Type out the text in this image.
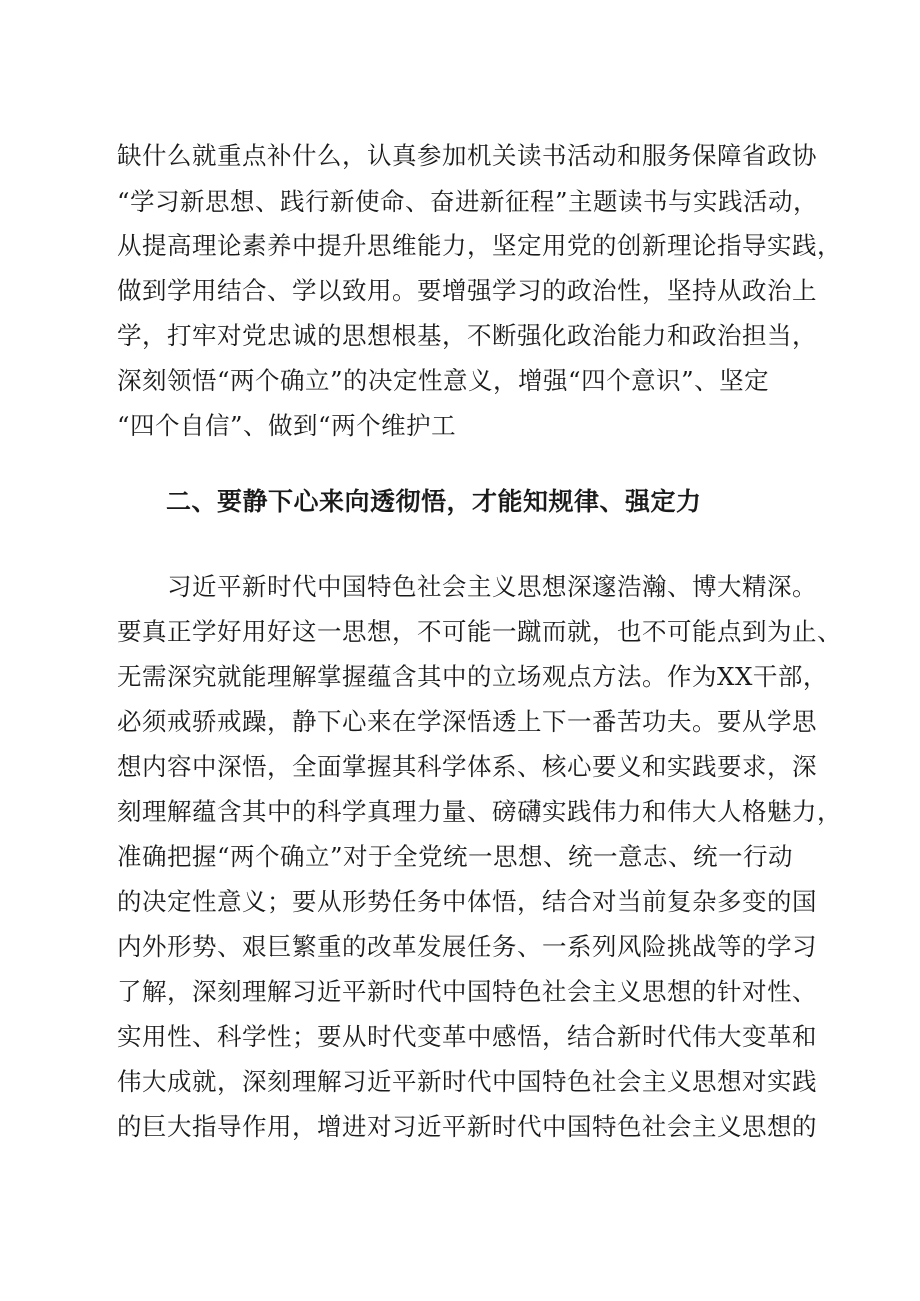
缺什么就重点补什么，认真参加机关读书活动和服务保障省政协
“学习新思想、践行新使命、奋进新征程”主题读书与实践活动，
从提高理论素养中提升思维能力，坚定用党的创新理论指导实践，
做到学用结合、学以致用。要增强学习的政治性，坚持从政治上
学，打牢对党忠诚的思想根基，不断强化政治能力和政治担当，
深刻领悟“两个确立”的决定性意义，增强“四个意识”、坚定
“四个自信”、做到“两个维护工
二、要静下心来向透彻悟，才能知规律、强定力
　　习近平新时代中国特色社会主义思想深邃浩瀚、博大精深。
要真正学好用好这一思想，不可能一蹴而就，也不可能点到为止、
无需深究就能理解掌握蕴含其中的立场观点方法。作为XX干部，
必须戒骄戒躁，静下心来在学深悟透上下一番苦功夫。要从学思
想内容中深悟，全面掌握其科学体系、核心要义和实践要求，深
刻理解蕴含其中的科学真理力量、磅礴实践伟力和伟大人格魅力，
准确把握“两个确立”对于全党统一思想、统一意志、统一行动
的决定性意义；要从形势任务中体悟，结合对当前复杂多变的国
内外形势、艰巨繁重的改革发展任务、一系列风险挑战等的学习
了解，深刻理解习近平新时代中国特色社会主义思想的针对性、
实用性、科学性；要从时代变革中感悟，结合新时代伟大变革和
伟大成就，深刻理解习近平新时代中国特色社会主义思想对实践
的巨大指导作用，增进对习近平新时代中国特色社会主义思想的
